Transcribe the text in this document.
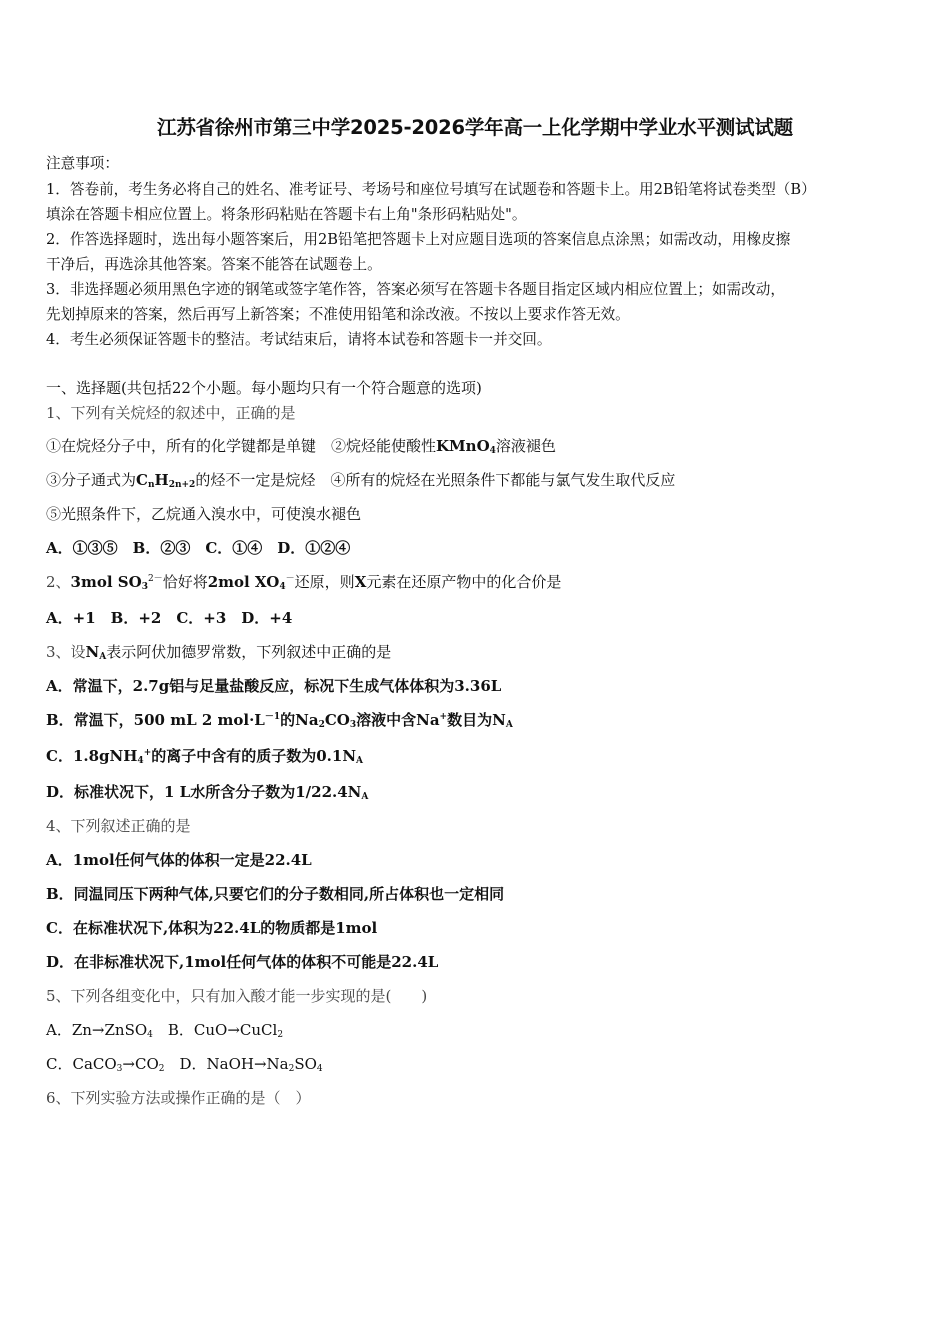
江苏省徐州市第三中学2025-2026学年高一上化学期中学业水平测试试题
注意事项：
1．答卷前，考生务必将自己的姓名、准考证号、考场号和座位号填写在试题卷和答题卡上。用2B铅笔将试卷类型（B）
填涂在答题卡相应位置上。将条形码粘贴在答题卡右上角"条形码粘贴处"。
2．作答选择题时，选出每小题答案后，用2B铅笔把答题卡上对应题目选项的答案信息点涂黑；如需改动，用橡皮擦
干净后，再选涂其他答案。答案不能答在试题卷上。
3．非选择题必须用黑色字迹的钢笔或签字笔作答，答案必须写在答题卡各题目指定区域内相应位置上；如需改动，
先划掉原来的答案，然后再写上新答案；不准使用铅笔和涂改液。不按以上要求作答无效。
4．考生必须保证答题卡的整洁。考试结束后，请将本试卷和答题卡一并交回。
一、选择题(共包括22个小题。每小题均只有一个符合题意的选项)
1、下列有关烷烃的叙述中，正确的是
①在烷烃分子中，所有的化学键都是单键　②烷烃能使酸性KMnO$_4$溶液褪色
③分子通式为$C_nH_{2n+2}$的烃不一定是烷烃　④所有的烷烃在光照条件下都能与氯气发生取代反应
⑤光照条件下，乙烷通入溴水中，可使溴水褪色
A．①③⑤　B．②③　C．①④　D．①②④
2、3mol $SO_3^{2-}$恰好将2mol $XO_4^-$还原，则X元素在还原产物中的化合价是
A．+1　B．+2　C．+3　D．+4
3、设$N_A$表示阿伏加德罗常数，下列叙述中正确的是
A．常温下，2.7g铝与足量盐酸反应，标况下生成气体体积为3.36L
B．常温下，500 mL 2 $mol\cdot L^{-1}$的$Na_2CO_3$溶液中含Na+数目为$N_A$
C．1.8gNH$_4$+的离子中含有的质子数为$0.1N_A$
D．标准状况下，1 L水所含分子数为$1/22.4N_A$
4、下列叙述正确的是
A．1mol任何气体的体积一定是22.4L
B．同温同压下两种气体,只要它们的分子数相同,所占体积也一定相同
C．在标准状况下,体积为22.4L的物质都是1mol
D．在非标准状况下,1mol任何气体的体积不可能是22.4L
5、下列各组变化中，只有加入酸才能一步实现的是(　　)
A．Zn→ZnSO$_4$　B．CuO→CuCl$_2$
C．$CaCO_3\to CO_2$　D．$NaOH\to Na_2SO_4$
6、下列实验方法或操作正确的是（　）
